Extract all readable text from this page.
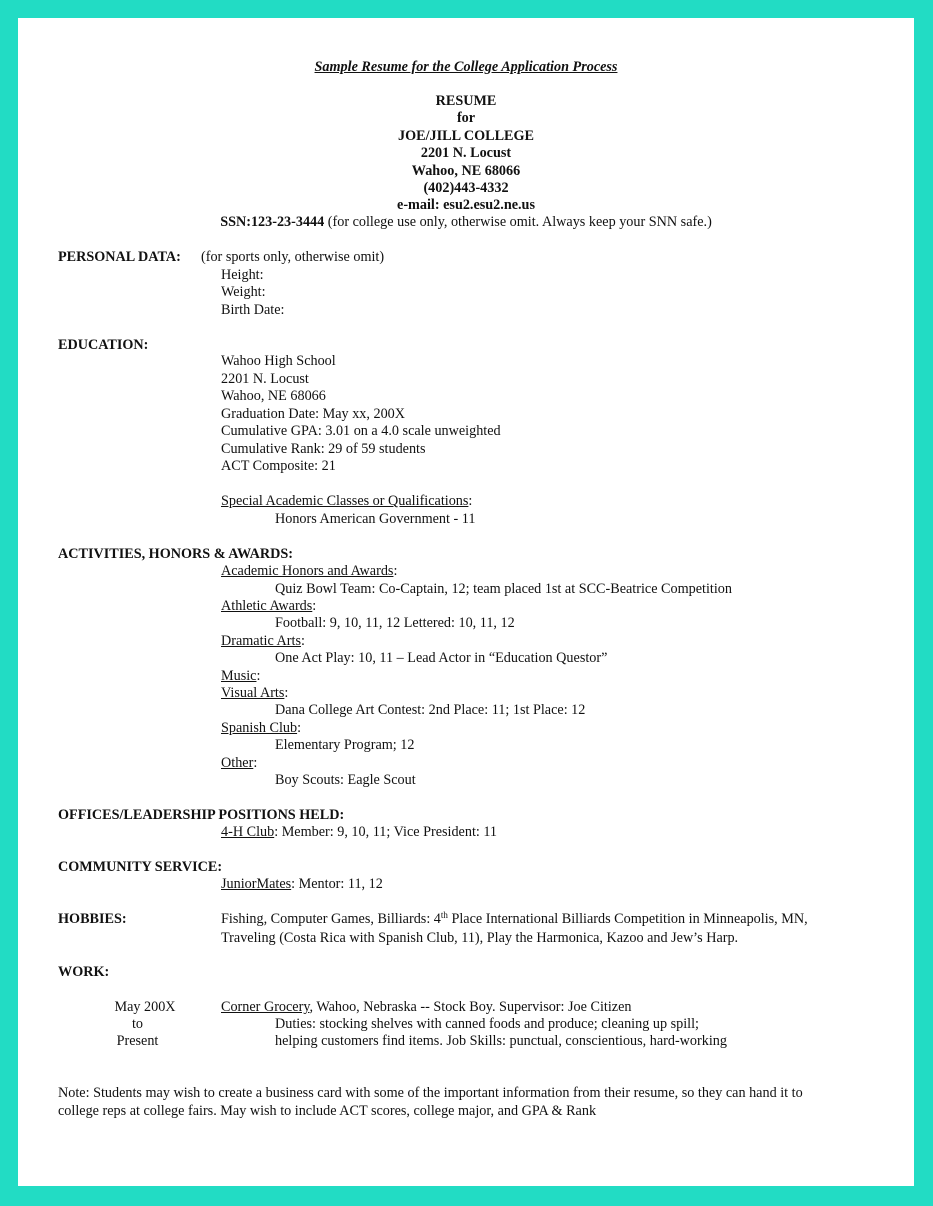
Sample Resume for the College Application Process
RESUME
for
JOE/JILL COLLEGE
2201 N. Locust
Wahoo, NE 68066
(402)443-4332
e-mail: esu2.esu2.ne.us
SSN:123-23-3444 (for college use only, otherwise omit. Always keep your SNN safe.)
PERSONAL DATA: (for sports only, otherwise omit)
Height:
Weight:
Birth Date:
EDUCATION:
Wahoo High School
2201 N. Locust
Wahoo, NE 68066
Graduation Date: May xx, 200X
Cumulative GPA: 3.01 on a 4.0 scale unweighted
Cumulative Rank: 29 of 59 students
ACT Composite: 21
Special Academic Classes or Qualifications:
Honors American Government - 11
ACTIVITIES, HONORS & AWARDS:
Academic Honors and Awards:
Quiz Bowl Team: Co-Captain, 12; team placed 1st at SCC-Beatrice Competition
Athletic Awards:
Football: 9, 10, 11, 12 Lettered: 10, 11, 12
Dramatic Arts:
One Act Play: 10, 11 – Lead Actor in “Education Questor”
Music:
Visual Arts:
Dana College Art Contest: 2nd Place: 11; 1st Place: 12
Spanish Club:
Elementary Program; 12
Other:
Boy Scouts: Eagle Scout
OFFICES/LEADERSHIP POSITIONS HELD:
4-H Club: Member: 9, 10, 11; Vice President: 11
COMMUNITY SERVICE:
JuniorMates: Mentor: 11, 12
HOBBIES:	Fishing, Computer Games, Billiards: 4th Place International Billiards Competition in Minneapolis, MN,
Traveling (Costa Rica with Spanish Club, 11), Play the Harmonica, Kazoo and Jew’s Harp.
WORK:
May 200X
to
Present
Corner Grocery, Wahoo, Nebraska -- Stock Boy. Supervisor: Joe Citizen
Duties: stocking shelves with canned foods and produce; cleaning up spill;
helping customers find items. Job Skills: punctual, conscientious, hard-working
Note: Students may wish to create a business card with some of the important information from their resume, so they can hand it to
college reps at college fairs. May wish to include ACT scores, college major, and GPA & Rank
